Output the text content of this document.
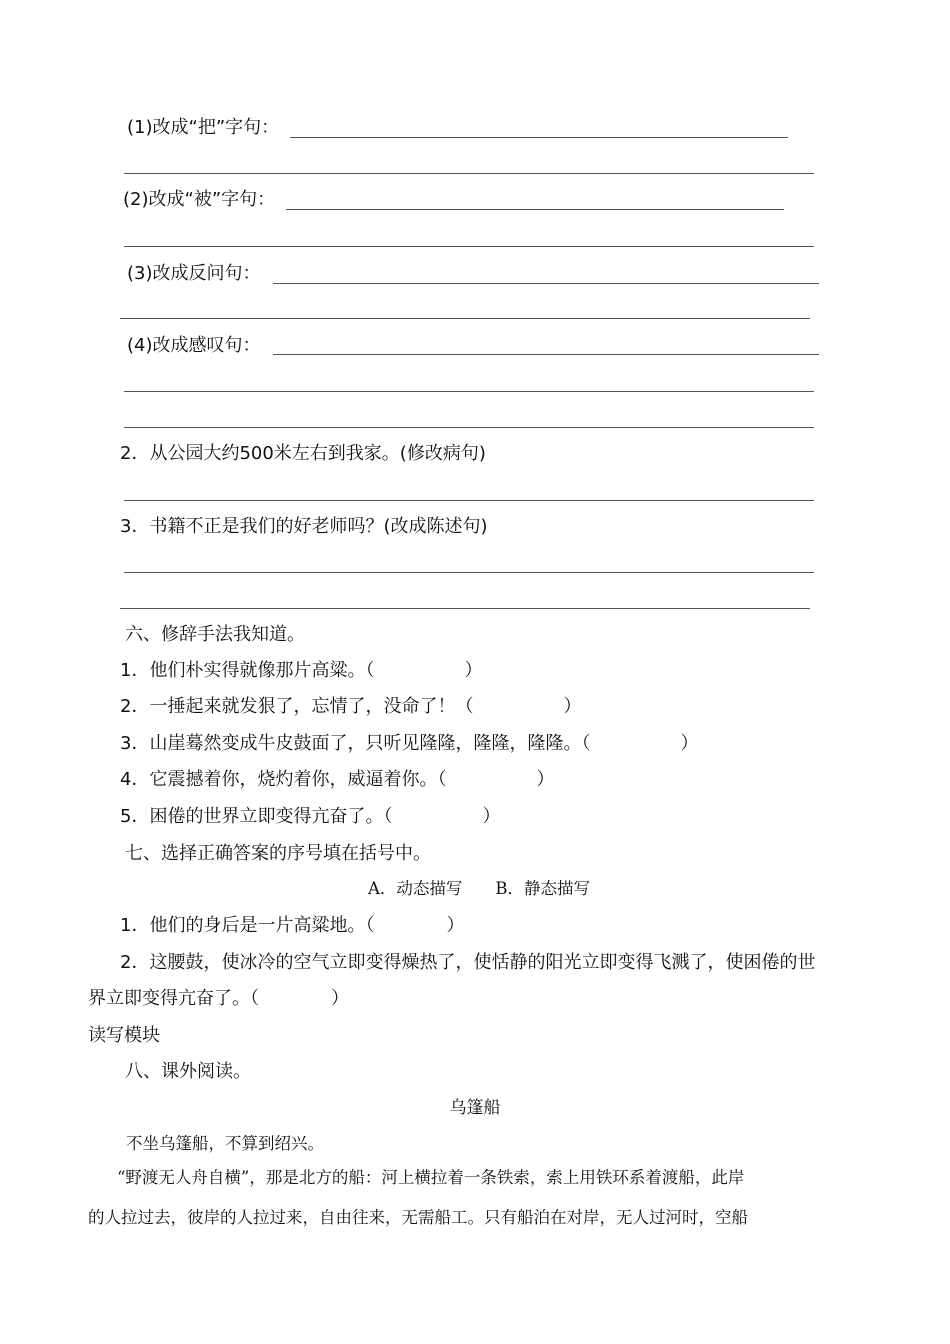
(1)改成“把”字句：
(2)改成“被”字句：
(3)改成反问句：
(4)改成感叹句：
2．从公园大约500米左右到我家。(修改病句)
3．书籍不正是我们的好老师吗？(改成陈述句)
六、修辞手法我知道。
1．他们朴实得就像那片高粱。（　　　　　）
2．一捶起来就发狠了，忘情了，没命了！（　　　　　）
3．山崖蓦然变成牛皮鼓面了，只听见隆隆，隆隆，隆隆。（　　　　　）
4．它震撼着你，烧灼着你，威逼着你。（　　　　　）
5．困倦的世界立即变得亢奋了。（　　　　　）
七、选择正确答案的序号填在括号中。
A．动态描写　　B．静态描写
1．他们的身后是一片高粱地。（　　　　）
2．这腰鼓，使冰冷的空气立即变得燥热了，使恬静的阳光立即变得飞溅了，使困倦的世
界立即变得亢奋了。（　　　　）
读写模块
八、课外阅读。
乌篷船
不坐乌篷船，不算到绍兴。
“野渡无人舟自横”，那是北方的船：河上横拉着一条铁索，索上用铁环系着渡船，此岸
的人拉过去，彼岸的人拉过来，自由往来，无需船工。只有船泊在对岸，无人过河时，空船
